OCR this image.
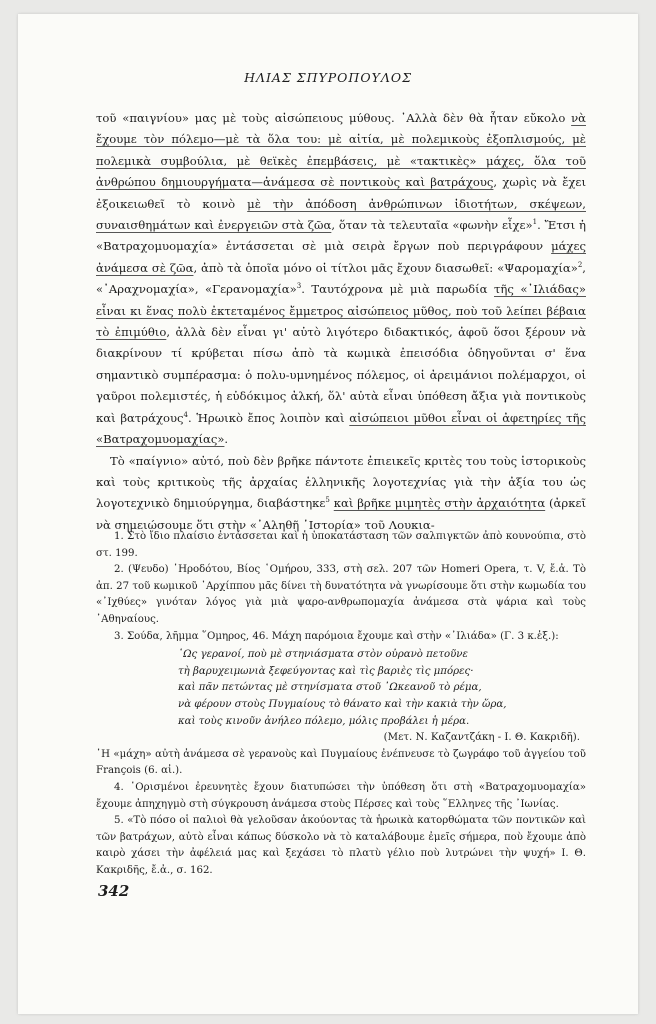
ΗΛΙΑΣ ΣΠΥΡΟΠΟΥΛΟΣ

τοῦ «παιγνίου» μας μὲ τοὺς αἰσώπειους μύθους. ᾿Αλλὰ δὲν θὰ ἦταν εὔκολο νὰ ἔχουμε τὸν πόλεμο—μὲ τὰ ὅλα του: μὲ αἰτία, μὲ πολεμικοὺς ἐξοπλισμούς, μὲ πολεμικὰ συμβούλια, μὲ θεϊκὲς ἐπεμβάσεις, μὲ «τακτικὲς» μάχες, ὅλα τοῦ ἀνθρώπου δημιουργήματα—ἀνάμεσα σὲ ποντικοὺς καὶ βατράχους, χωρὶς νὰ ἔχει ἐξοικειωθεῖ τὸ κοινὸ μὲ τὴν ἀπόδοση ἀνθρώπινων ἰδιοτήτων, σκέψεων, συναισθημάτων καὶ ἐνεργειῶν στὰ ζῶα, ὅταν τὰ τελευταῖα «φωνὴν εἶχε»$^1$. Ἔτσι ἡ «Βατραχομυομαχία» ἐντάσσεται σὲ μιὰ σειρὰ ἔργων ποὺ περιγράφουν μάχες ἀνάμεσα σὲ ζῶα, ἀπὸ τὰ ὁποῖα μόνο οἱ τίτλοι μᾶς ἔχουν διασωθεῖ: «Ψαρομαχία»$^2$, «᾿Αραχνομαχία», «Γερανομαχία»$^3$. Ταυτόχρονα μὲ μιὰ παρωδία τῆς «᾿Ιλιάδας» εἶναι κι ἕνας πολὺ ἐκτεταμένος ἔμμετρος αἰσώπειος μῦθος, ποὺ τοῦ λείπει βέβαια τὸ ἐπιμύθιο, ἀλλὰ δὲν εἶναι γι' αὐτὸ λιγότερο διδακτικός, ἀφοῦ ὅσοι ξέρουν νὰ διακρίνουν τί κρύβεται πίσω ἀπὸ τὰ κωμικὰ ἐπεισόδια ὁδηγοῦνται σ' ἕνα σημαντικὸ συμπέρασμα: ὁ πολυ-υμνημένος πόλεμος, οἱ ἀρειμάνιοι πολέμαρχοι, οἱ γαῦροι πολεμιστές, ἡ εὐδόκιμος ἀλκή, ὅλ' αὐτὰ εἶναι ὑπόθεση ἄξια γιὰ ποντικοὺς καὶ βατράχους$^4$. Ἡρωικὸ ἔπος λοιπὸν καὶ αἰσώπειοι μῦθοι εἶναι οἱ ἀφετηρίες τῆς «Βατραχομυομαχίας».

Τὸ «παίγνιο» αὐτό, ποὺ δὲν βρῆκε πάντοτε ἐπιεικεῖς κριτὲς του τοὺς ἱστορικοὺς καὶ τοὺς κριτικοὺς τῆς ἀρχαίας ἑλληνικῆς λογοτεχνίας γιὰ τὴν ἀξία του ὡς λογοτεχνικὸ δημιούργημα, διαβάστηκε$^5$ καὶ βρῆκε μιμητὲς στὴν ἀρχαιότητα (ἀρκεῖ νὰ σημειώσουμε ὅτι στὴν «᾿Αληθῆ ῾Ιστορία» τοῦ Λουκια-

1. Στὸ ἴδιο πλαίσιο ἐντάσσεται καὶ ἡ ὑποκατάσταση τῶν σαλπιγκτῶν ἀπὸ κουνούπια, στὸ στ. 199.

2. (Ψευδο) ῾Ηροδότου, Βίος ῾Ομήρου, 333, στὴ σελ. 207 τῶν Homeri Opera, τ. V, ἔ.ἀ. Τὸ ἀπ. 27 τοῦ κωμικοῦ ᾿Αρχίππου μᾶς δίνει τὴ δυνατότητα νὰ γνωρίσουμε ὅτι στὴν κωμωδία του «᾿Ιχθύες» γινόταν λόγος γιὰ μιὰ ψαρο-ανθρωπομαχία ἀνάμεσα στὰ ψάρια καὶ τοὺς ᾿Αθηναίους.

3. Σούδα, λῆμμα ῞Ομηρος, 46. Μάχη παρόμοια ἔχουμε καὶ στὴν «᾿Ιλιάδα» (Γ. 3 κ.ἑξ.):

῾Ως γερανοί, ποὺ μὲ στηνιάσματα στὸν οὐρανὸ πετοῦνε
τὴ βαρυχειμωνιὰ ξεφεύγοντας καὶ τὶς βαριὲς τὶς μπόρες·
καὶ πᾶν πετώντας μὲ στηνίσματα στοῦ ᾿Ωκεανοῦ τὸ ρέμα,
νὰ φέρουν στοὺς Πυγμαίους τὸ θάνατο καὶ τὴν κακιὰ τὴν ὥρα,
καὶ τοὺς κινοῦν ἀνήλεο πόλεμο, μόλις προβάλει ἡ μέρα.
(Μετ. Ν. Καζαντζάκη - Ι. Θ. Κακριδῆ).

῾Η «μάχη» αὐτὴ ἀνάμεσα σὲ γερανοὺς καὶ Πυγμαίους ἐνέπνευσε τὸ ζωγράφο τοῦ ἀγγείου τοῦ François (6. αἰ.).

4. ῾Ορισμένοι ἐρευνητὲς ἔχουν διατυπώσει τὴν ὑπόθεση ὅτι στὴ «Βατραχομυομαχία» ἔχουμε ἀπηχηγμὸ στὴ σύγκρουση ἀνάμεσα στοὺς Πέρσες καὶ τοὺς ῞Ελληνες τῆς ᾿Ιωνίας.

5. «Τὸ πόσο οἱ παλιοὶ θὰ γελοῦσαν ἀκούοντας τὰ ἡρωικὰ κατορθώματα τῶν ποντικῶν καὶ τῶν βατράχων, αὐτὸ εἶναι κάπως δύσκολο νὰ τὸ καταλάβουμε ἐμεῖς σήμερα, ποὺ ἔχουμε ἀπὸ καιρὸ χάσει τὴν ἀφέλειά μας καὶ ξεχάσει τὸ πλατὺ γέλιο ποὺ λυτρώνει τὴν ψυχή» Ι. Θ. Κακριδῆς, ἔ.ἀ., σ. 162.

342
